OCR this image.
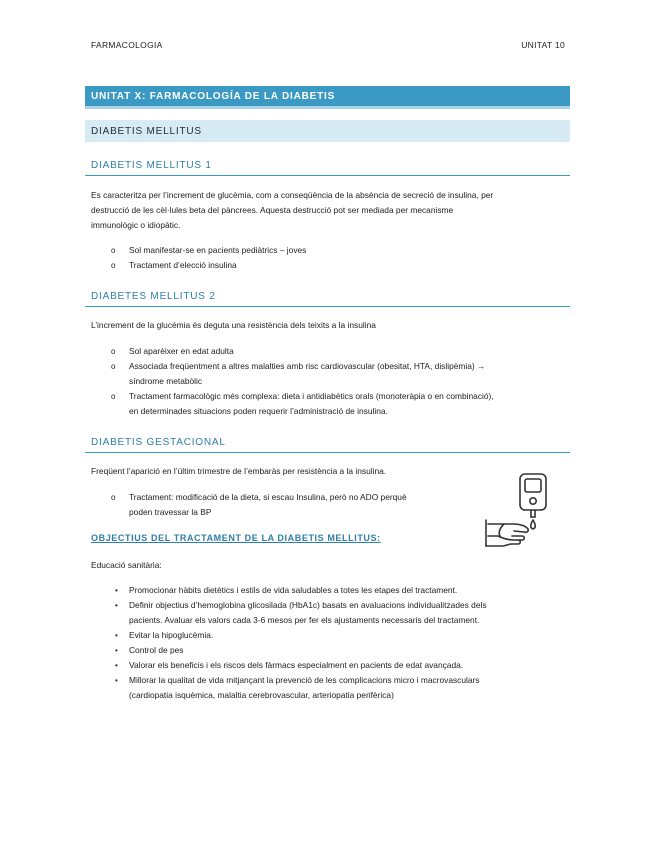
FARMACOLOGIA	UNITAT 10
UNITAT X: FARMACOLOGÍA DE LA DIABETIS
DIABETIS MELLITUS
DIABETIS MELLITUS 1
Es caracteritza per l’increment de glucèmia, com a conseqüència de la absència de secreció de insulina, per
destrucció de les cèl·lules beta del pàncrees. Aquesta destrucció pot ser mediada per mecanisme
immunològic o idiopàtic.
o Sol manifestar-se en pacients pediàtrics – joves
o Tractament d’elecció insulina
DIABETES MELLITUS 2
L’increment de la glucèmia és deguta una resistència dels teixits a la insulina
o Sol aparèixer en edat adulta
o Associada freqüentment a altres malalties amb risc cardiovascular (obesitat, HTA, dislipèmia) →
síndrome metabòlic
o Tractament farmacològic més complexa: dieta i antidiabètics orals (monoteràpia o en combinació),
en determinades situacions poden requerir l’administració de insulina.
DIABETIS GESTACIONAL
Freqüent l’aparició en l’últim trimestre de l’embaràs per resistència a la insulina.
o Tractament: modificació de la dieta, si escau Insulina, però no ADO perquè
poden travessar la BP
OBJECTIUS DEL TRACTAMENT DE LA DIABETIS MELLITUS:
Educació sanitària:
• Promocionar hàbits dietètics i estils de vida saludables a totes les etapes del tractament.
• Definir objectius d’hemoglobina glicosilada (HbA1c) basats en avaluacions individualitzades dels
pacients. Avaluar els valors cada 3-6 mesos per fer els ajustaments necessaris del tractament.
• Evitar la hipoglucèmia.
• Control de pes
• Valorar els beneficis i els riscos dels fàrmacs especialment en pacients de edat avançada.
• Millorar la qualitat de vida mitjançant la prevenció de les complicacions micro i macrovasculars
(cardiopatia isquèmica, malaltia cerebrovascular, arteriopatia perifèrica)
